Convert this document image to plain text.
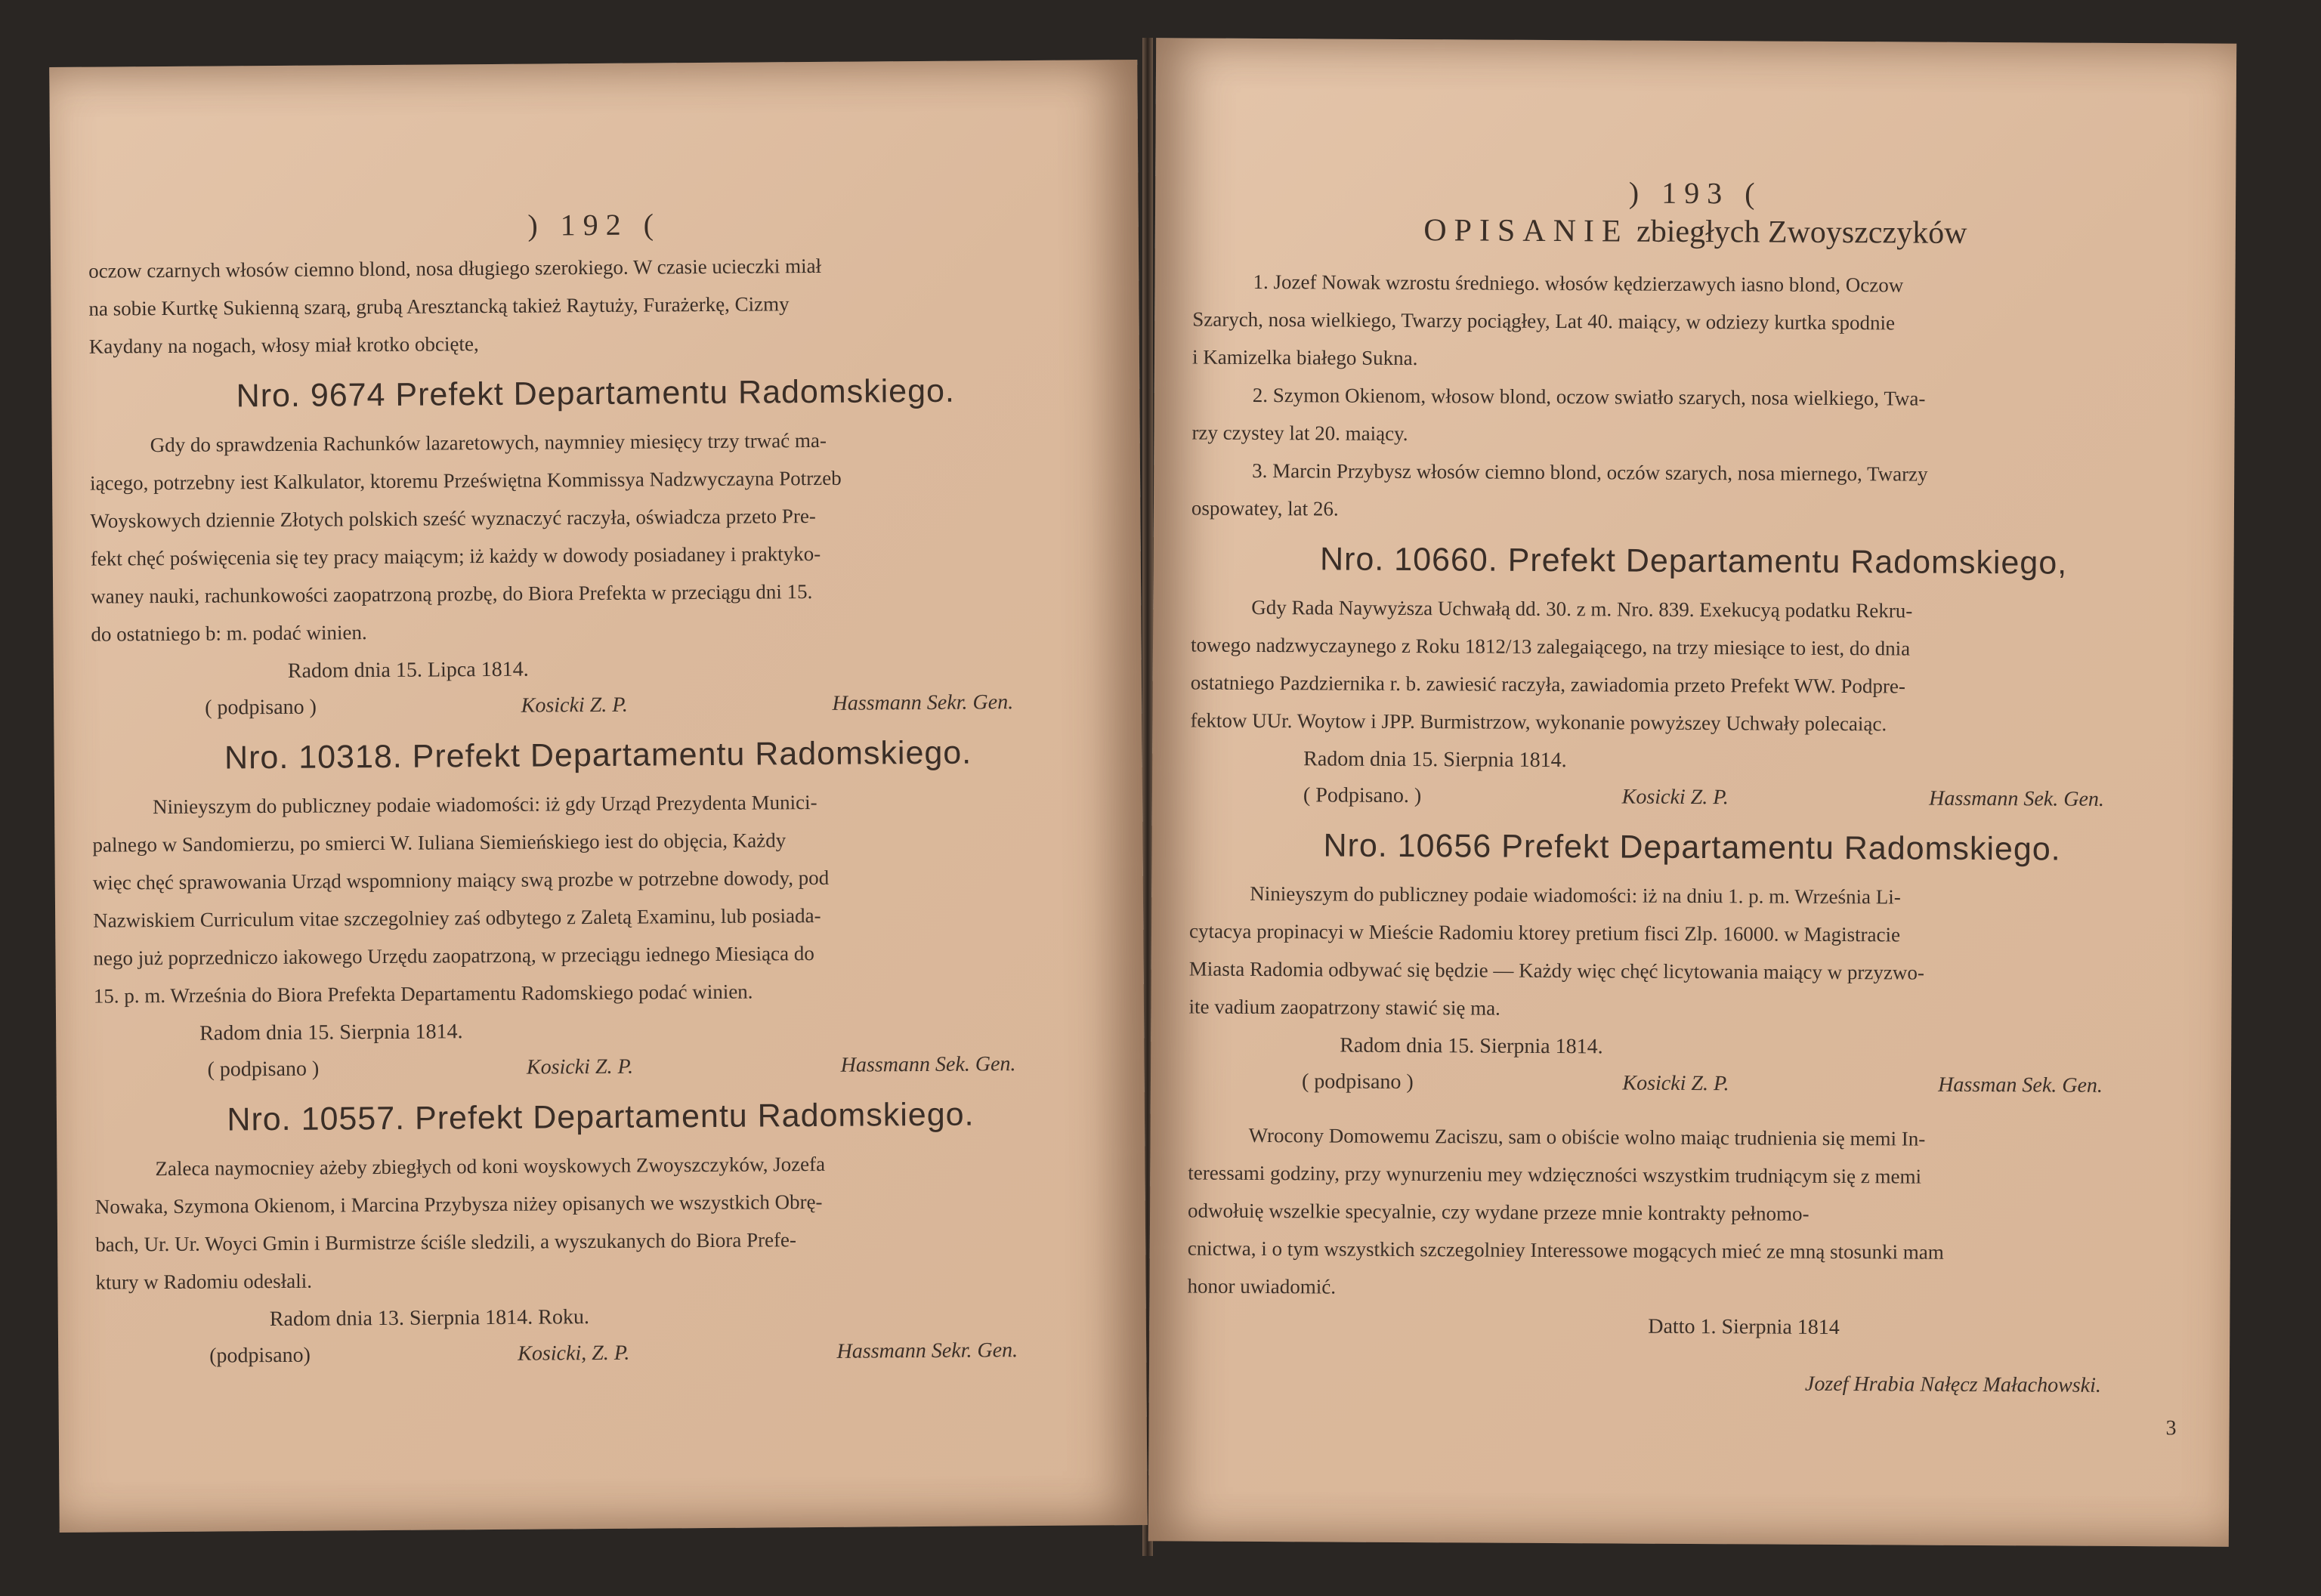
) 192 (

oczow czarnych włosów ciemno blond, nosa długiego szerokiego. W czasie ucieczki miał

na sobie Kurtkę Sukienną szarą, grubą Aresztancką takież Raytuży, Furażerkę, Cizmy

Kaydany na nogach, włosy miał krotko obcięte,

Nro. 9674 Prefekt Departamentu Radomskiego.

Gdy do sprawdzenia Rachunków lazaretowych, naymniey miesięcy trzy trwać ma-

iącego, potrzebny iest Kalkulator, ktoremu Przeświętna Kommissya Nadzwyczayna Potrzeb

Woyskowych dziennie Złotych polskich sześć wyznaczyć raczyła, oświadcza przeto Pre-

fekt chęć poświęcenia się tey pracy maiącym; iż każdy w dowody posiadaney i praktyko-

waney nauki, rachunkowości zaopatrzoną prozbę, do Biora Prefekta w przeciągu dni 15.

do ostatniego b: m. podać winien.

Radom dnia 15. Lipca 1814.

( podpisano )	Kosicki Z. P.	Hassmann Sekr. Gen.
Nro. 10318. Prefekt Departamentu Radomskiego.

Ninieyszym do publiczney podaie wiadomości: iż gdy Urząd Prezydenta Munici-

palnego w Sandomierzu, po smierci W. Iuliana Siemieńskiego iest do objęcia, Każdy

więc chęć sprawowania Urząd wspomniony maiący swą prozbe w potrzebne dowody, pod

Nazwiskiem Curriculum vitae szczegolniey zaś odbytego z Zaletą Examinu, lub posiada-

nego już poprzedniczo iakowego Urzędu zaopatrzoną, w przeciągu iednego Miesiąca do

15. p. m. Września do Biora Prefekta Departamentu Radomskiego podać winien.

Radom dnia 15. Sierpnia 1814.

( podpisano )	Kosicki Z. P.	Hassmann Sek. Gen.
Nro. 10557. Prefekt Departamentu Radomskiego.

Zaleca naymocniey ażeby zbiegłych od koni woyskowych Zwoyszczyków, Jozefa

Nowaka, Szymona Okienom, i Marcina Przybysza niżey opisanych we wszystkich Obrę-

bach, Ur. Ur. Woyci Gmin i Burmistrze ściśle sledzili, a wyszukanych do Biora Prefe-

ktury w Radomiu odesłali.

Radom dnia 13. Sierpnia 1814. Roku.

(podpisano)	Kosicki, Z. P.	Hassmann Sekr. Gen.
) 193 (
OPISANIE zbiegłych Zwoyszczyków

1. Jozef Nowak wzrostu średniego. włosów kędzierzawych iasno blond, Oczow

Szarych, nosa wielkiego, Twarzy pociągłey, Lat 40. maiący, w odziezy kurtka spodnie

i Kamizelka białego Sukna.

2. Szymon Okienom, włosow blond, oczow swiatło szarych, nosa wielkiego, Twa-

rzy czystey lat 20. maiący.

3. Marcin Przybysz włosów ciemno blond, oczów szarych, nosa miernego, Twarzy

ospowatey, lat 26.

Nro. 10660. Prefekt Departamentu Radomskiego,

Gdy Rada Naywyższa Uchwałą dd. 30. z m. Nro. 839. Exekucyą podatku Rekru-

towego nadzwyczaynego z Roku 1812/13 zalegaiącego, na trzy miesiące to iest, do dnia

ostatniego Pazdziernika r. b. zawiesić raczyła, zawiadomia przeto Prefekt WW. Podpre-

fektow UUr. Woytow i JPP. Burmistrzow, wykonanie powyższey Uchwały polecaiąc.

Radom dnia 15. Sierpnia 1814.

( Podpisano. )	Kosicki Z. P.	Hassmann Sek. Gen.
Nro. 10656 Prefekt Departamentu Radomskiego.

Ninieyszym do publiczney podaie wiadomości: iż na dniu 1. p. m. Września Li-

cytacya propinacyi w Mieście Radomiu ktorey pretium fisci Zlp. 16000. w Magistracie

Miasta Radomia odbywać się będzie — Każdy więc chęć licytowania maiący w przyzwo-

ite vadium zaopatrzony stawić się ma.

Radom dnia 15. Sierpnia 1814.

( podpisano )	Kosicki Z. P.	Hassman Sek. Gen.

Wrocony Domowemu Zaciszu, sam o obiście wolno maiąc trudnienia się memi In-

teressami godziny, przy wynurzeniu mey wdzięczności wszystkim trudniącym się z memi

odwołuię wszelkie specyalnie, czy wydane przeze mnie kontrakty pełnomo-

cnictwa, i o tym wszystkich szczegolniey Interessowe mogących mieć ze mną stosunki mam

honor uwiadomić.

Datto 1. Sierpnia 1814

Jozef Hrabia Nałęcz Małachowski.

3
